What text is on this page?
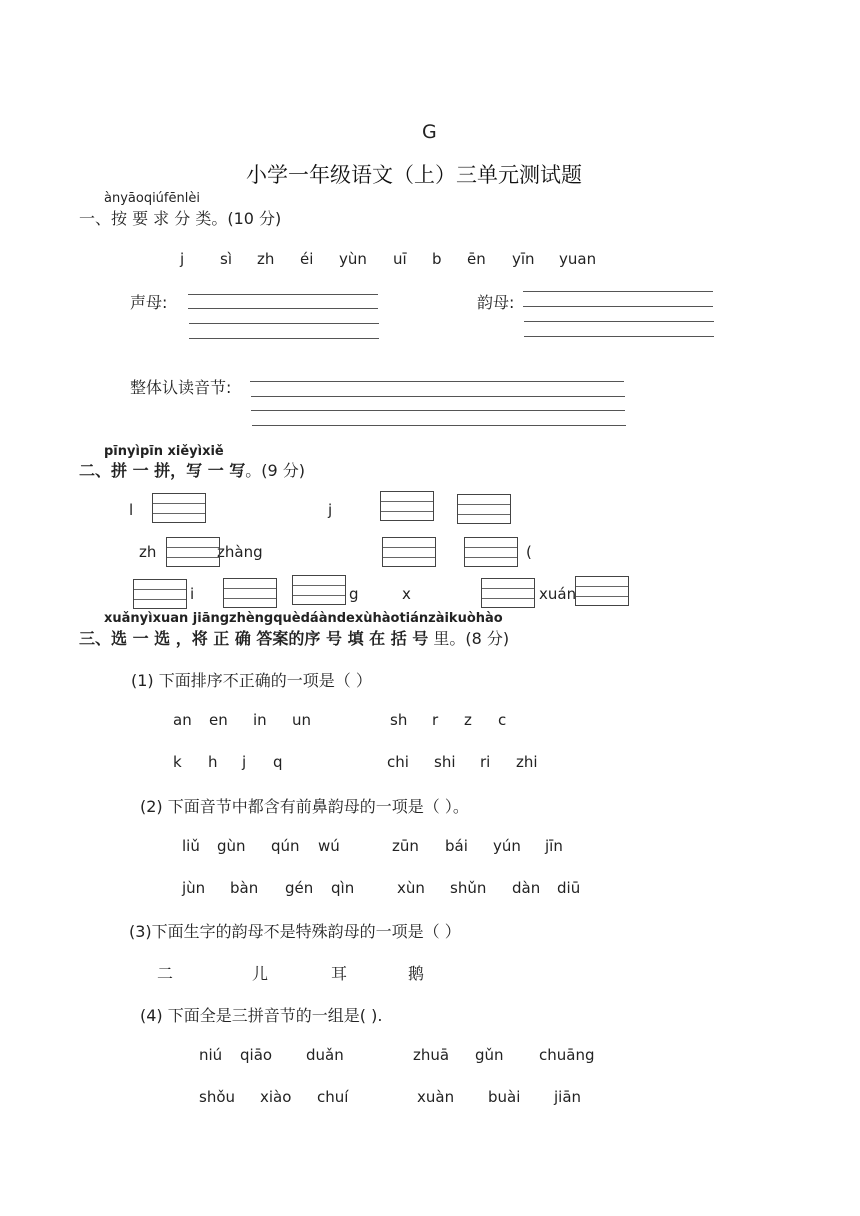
G
小学一年级语文（上）三单元测试题
ànyāoqiúfēnlèi
一、按 要 求 分 类。(10 分)
j sì zh éi yùn uī b ēn yīn yuan
声母:	韵母:
整体认读音节:
pīnyìpīn xiěyìxiě
二、拼 一 拼，写 一 写。(9 分)
l	j
zh	zhàng	(
i	g	x	xuán
xuǎnyìxuan jiāngzhèngquèdáàndexùhàotiánzàikuòhào
三、选 一 选 ，将 正 确 答案的序 号 填 在 括 号 里。(8 分)
(1) 下面排序不正确的一项是（ ）
an en in un	sh r z c
k h j q	chi shi ri zhi
(2) 下面音节中都含有前鼻韵母的一项是（ ）。
liǔ gùn qún wú	zūn bái yún jīn
jùn bàn gén qìn	xùn shǔn dàn diū
(3)下面生字的韵母不是特殊韵母的一项是（ ）
二	儿	耳	鹅
(4) 下面全是三拼音节的一组是( ).
niú qiāo duǎn	zhuā gǔn chuāng
shǒu xiào chuí	xuàn buài jiān
